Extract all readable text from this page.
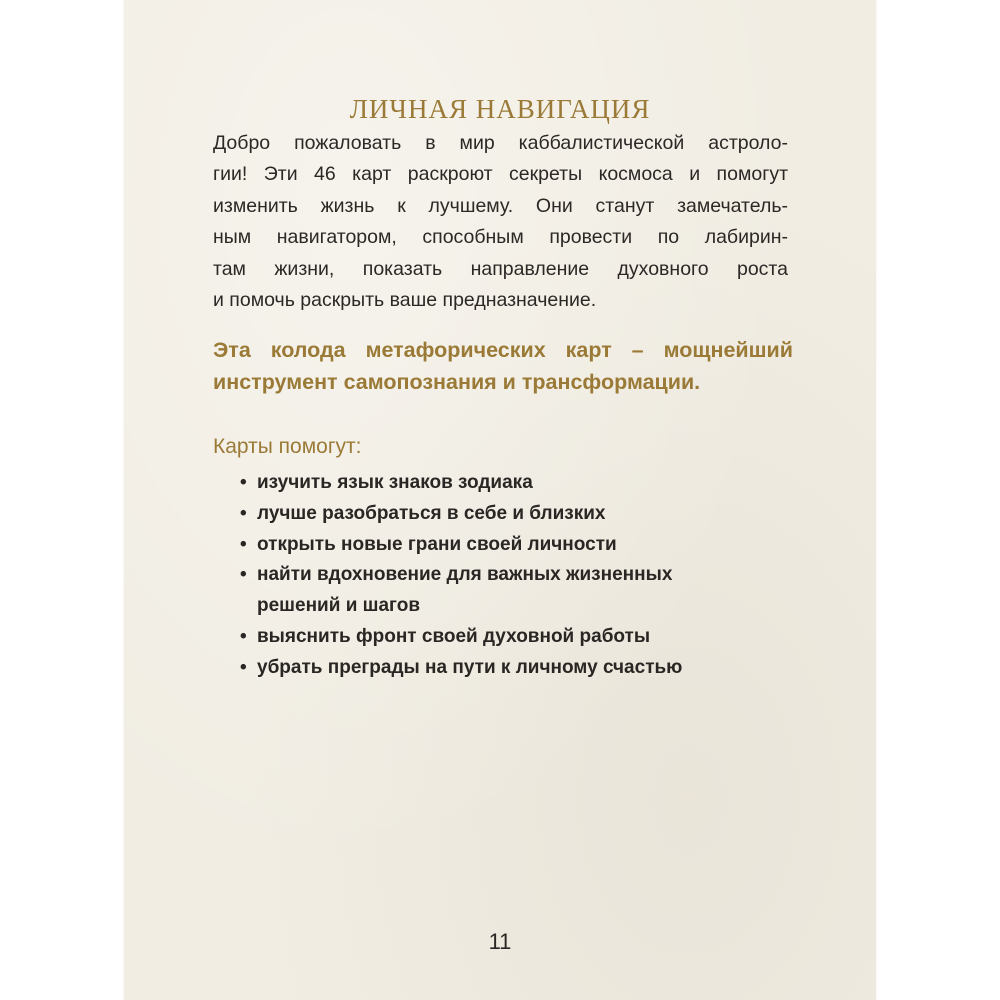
ЛИЧНАЯ НАВИГАЦИЯ
Добро пожаловать в мир каббалистической астроло-
гии! Эти 46 карт раскроют секреты космоса и помогут
изменить жизнь к лучшему. Они станут замечатель-
ным навигатором, способным провести по лабирин-
там жизни, показать направление духовного роста
и помочь раскрыть ваше предназначение.
Эта колода метафорических карт – мощнейший
инструмент самопознания и трансформации.
Карты помогут:
• изучить язык знаков зодиака
• лучше разобраться в себе и близких
• открыть новые грани своей личности
• найти вдохновение для важных жизненных решений и шагов
• выяснить фронт своей духовной работы
• убрать преграды на пути к личному счастью
11
